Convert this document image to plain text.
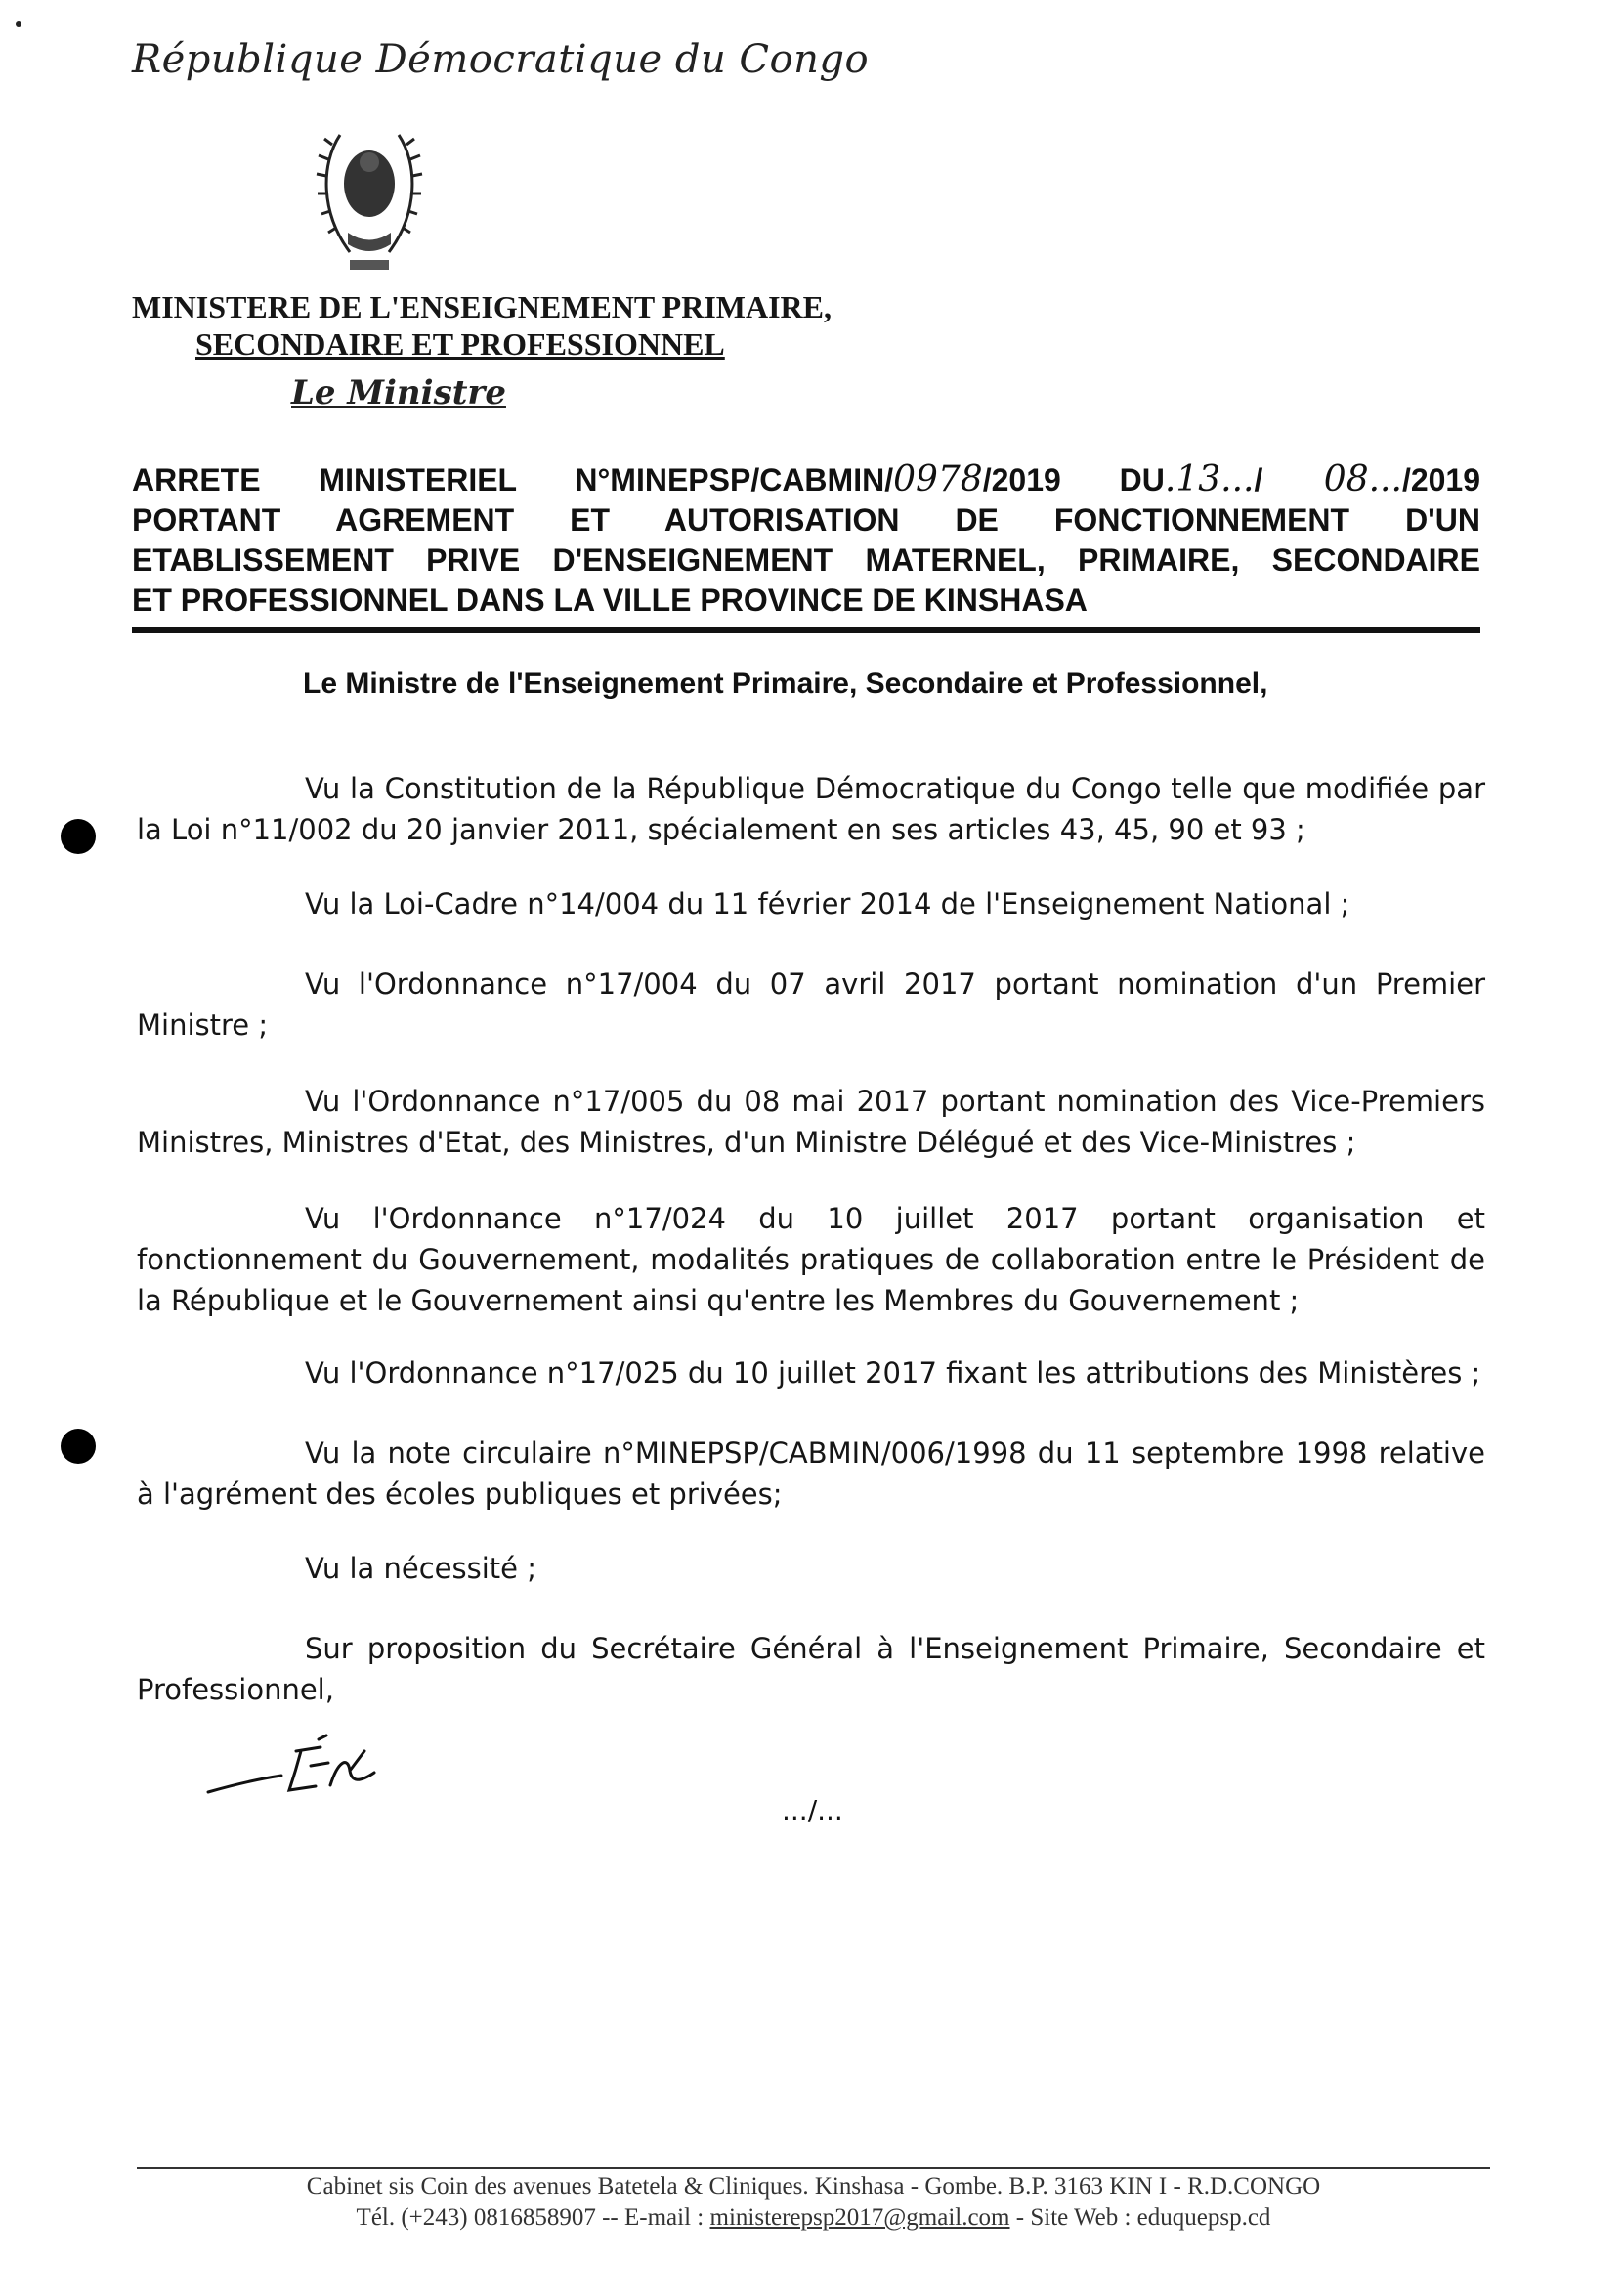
République Démocratique du Congo
MINISTERE DE L'ENSEIGNEMENT PRIMAIRE,
SECONDAIRE ET PROFESSIONNEL
Le Ministre
ARRETE MINISTERIEL N°MINEPSP/CABMIN/0978/2019 DU.13.../ 08.../2019
PORTANT AGREMENT ET AUTORISATION DE FONCTIONNEMENT D'UN
ETABLISSEMENT PRIVE D'ENSEIGNEMENT MATERNEL, PRIMAIRE, SECONDAIRE
ET PROFESSIONNEL DANS LA VILLE PROVINCE DE KINSHASA
Le Ministre de l'Enseignement Primaire, Secondaire et Professionnel,
Vu la Constitution de la République Démocratique du Congo telle que modifiée par la Loi n°11/002 du 20 janvier 2011, spécialement en ses articles 43, 45, 90 et 93 ;
Vu la Loi-Cadre n°14/004 du 11 février 2014 de l'Enseignement National ;
Vu l'Ordonnance n°17/004 du 07 avril 2017 portant nomination d'un Premier Ministre ;
Vu l'Ordonnance n°17/005 du 08 mai 2017 portant nomination des Vice-Premiers Ministres, Ministres d'Etat, des Ministres, d'un Ministre Délégué et des Vice-Ministres ;
Vu l'Ordonnance n°17/024 du 10 juillet 2017 portant organisation et fonctionnement du Gouvernement, modalités pratiques de collaboration entre le Président de la République et le Gouvernement ainsi qu'entre les Membres du Gouvernement ;
Vu l'Ordonnance n°17/025 du 10 juillet 2017 fixant les attributions des Ministères ;
Vu la note circulaire n°MINEPSP/CABMIN/006/1998 du 11 septembre 1998 relative à l'agrément des écoles publiques et privées;
Vu la nécessité ;
Sur proposition du Secrétaire Général à l'Enseignement Primaire, Secondaire et Professionnel,
.../...
Cabinet sis Coin des avenues Batetela & Cliniques. Kinshasa - Gombe. B.P. 3163 KIN I - R.D.CONGO
Tél. (+243) 0816858907 -- E-mail : ministerepsp2017@gmail.com - Site Web : eduquepsp.cd
